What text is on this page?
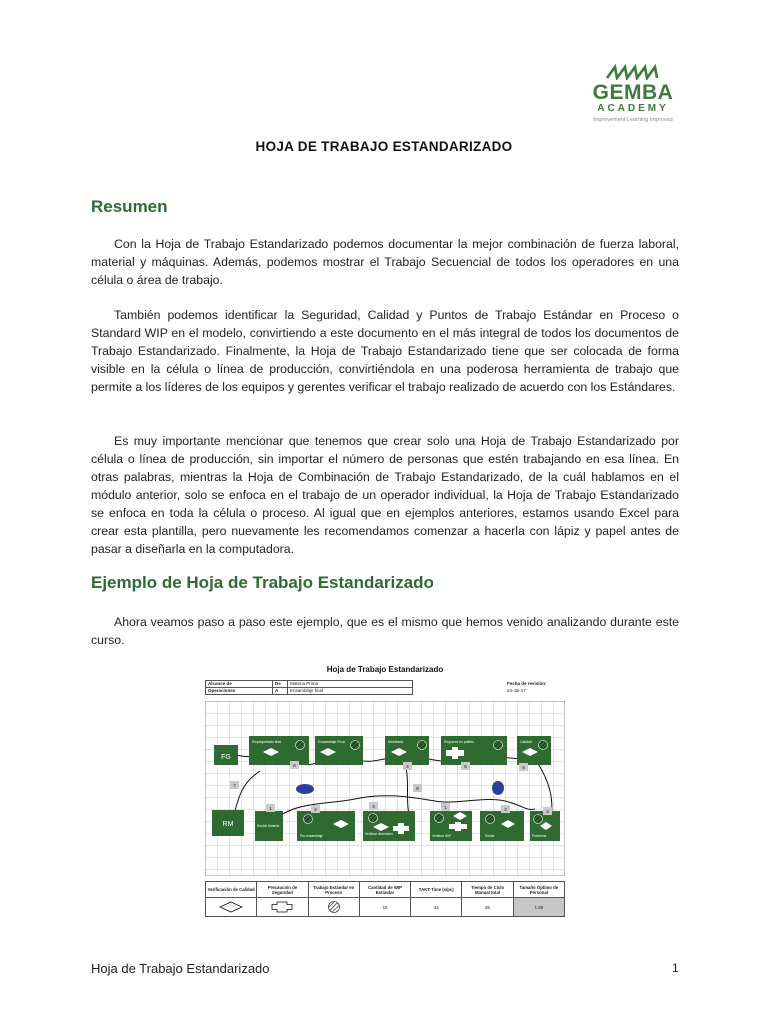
GEMBA
ACADEMY
Improvement Learning Improved
HOJA DE TRABAJO ESTANDARIZADO
Resumen

Con la Hoja de Trabajo Estandarizado podemos documentar la mejor combinación de fuerza laboral, material y máquinas. Además, podemos mostrar el Trabajo Secuencial de todos los operadores en una célula o área de trabajo.

También podemos identificar la Seguridad, Calidad y Puntos de Trabajo Estándar en Proceso o Standard WIP en el modelo, convirtiendo a este documento en el más integral de todos los documentos de Trabajo Estandarizado. Finalmente, la Hoja de Trabajo Estandarizado tiene que ser colocada de forma visible en la célula o línea de producción, convirtiéndola en una poderosa herramienta de trabajo que permite a los líderes de los equipos y gerentes verificar el trabajo realizado de acuerdo con los Estándares.

Es muy importante mencionar que tenemos que crear solo una Hoja de Trabajo Estandarizado por célula o línea de producción, sin importar el número de personas que estén trabajando en esa línea. En otras palabras, mientras la Hoja de Combinación de Trabajo Estandarizado, de la cuál hablamos en el módulo anterior, solo se enfoca en el trabajo de un operador individual, la Hoja de Trabajo Estandarizado se enfoca en toda la célula o proceso. Al igual que en ejemplos anteriores, estamos usando Excel para crear esta plantilla, pero nuevamente les recomendamos comenzar a hacerla con lápiz y papel antes de pasar a diseñarla en la computadora.

Ejemplo de Hoja de Trabajo Estandarizado

Ahora veamos paso a paso este ejemplo, que es el mismo que hemos venido analizando durante este curso.

Hoja de Trabajo Estandarizado
Alcance de	De	Materia Prima
Operaciones	A	Ensamblaje final
Fecha de revisión:
24-Jul-17
FG
RM
Empaquetado final	Ensamblaje Final	Moldeado	Empacar en pallets	Calidad
Recibir Materia
Pre-ensamblaje	Verificar dimensión	Verificar WIP	Soldar	Pulverizar
1	2
3
4	5
6
7
8
1	2	3
4
Verificación de Calidad	Precaución de Seguridad	Trabajo Estándar en Proceso	Cantidad de WIP Estándar	TAKT Time (s/pc)	Tiempo de Ciclo Manual total	Tamaño Óptimo de Personal
			10	43	85	1.98
Hoja de Trabajo Estandarizado	1
